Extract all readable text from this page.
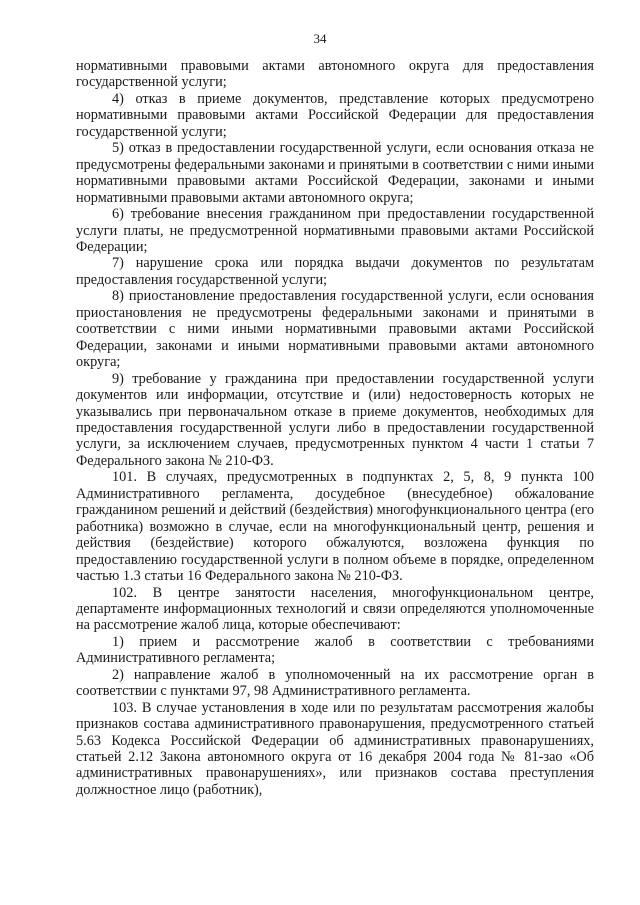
34

нормативными правовыми актами автономного округа для предоставления государственной услуги;

4) отказ в приеме документов, представление которых предусмотрено нормативными правовыми актами Российской Федерации для предоставления государственной услуги;

5) отказ в предоставлении государственной услуги, если основания отказа не предусмотрены федеральными законами и принятыми в соответствии с ними иными нормативными правовыми актами Российской Федерации, законами и иными нормативными правовыми актами автономного округа;

6) требование внесения гражданином при предоставлении государственной услуги платы, не предусмотренной нормативными правовыми актами Российской Федерации;

7) нарушение срока или порядка выдачи документов по результатам предоставления государственной услуги;

8) приостановление предоставления государственной услуги, если основания приостановления не предусмотрены федеральными законами и принятыми в соответствии с ними иными нормативными правовыми актами Российской Федерации, законами и иными нормативными правовыми актами автономного округа;

9) требование у гражданина при предоставлении государственной услуги документов или информации, отсутствие и (или) недостоверность которых не указывались при первоначальном отказе в приеме документов, необходимых для предоставления государственной услуги либо в предоставлении государственной услуги, за исключением случаев, предусмотренных пунктом 4 части 1 статьи 7 Федерального закона № 210-ФЗ.

101. В случаях, предусмотренных в подпунктах 2, 5, 8, 9 пункта 100 Административного регламента, досудебное (внесудебное) обжалование гражданином решений и действий (бездействия) многофункционального центра (его работника) возможно в случае, если на многофункциональный центр, решения и действия (бездействие) которого обжалуются, возложена функция по предоставлению государственной услуги в полном объеме в порядке, определенном частью 1.3 статьи 16 Федерального закона № 210-ФЗ.

102. В центре занятости населения, многофункциональном центре, департаменте информационных технологий и связи определяются уполномоченные на рассмотрение жалоб лица, которые обеспечивают:

1) прием и рассмотрение жалоб в соответствии с требованиями Административного регламента;

2) направление жалоб в уполномоченный на их рассмотрение орган в соответствии с пунктами 97, 98 Административного регламента.

103. В случае установления в ходе или по результатам рассмотрения жалобы признаков состава административного правонарушения, предусмотренного статьей 5.63 Кодекса Российской Федерации об административных правонарушениях, статьей 2.12 Закона автономного округа от 16 декабря 2004 года № 81-зао «Об административных правонарушениях», или признаков состава преступления должностное лицо (работник),
